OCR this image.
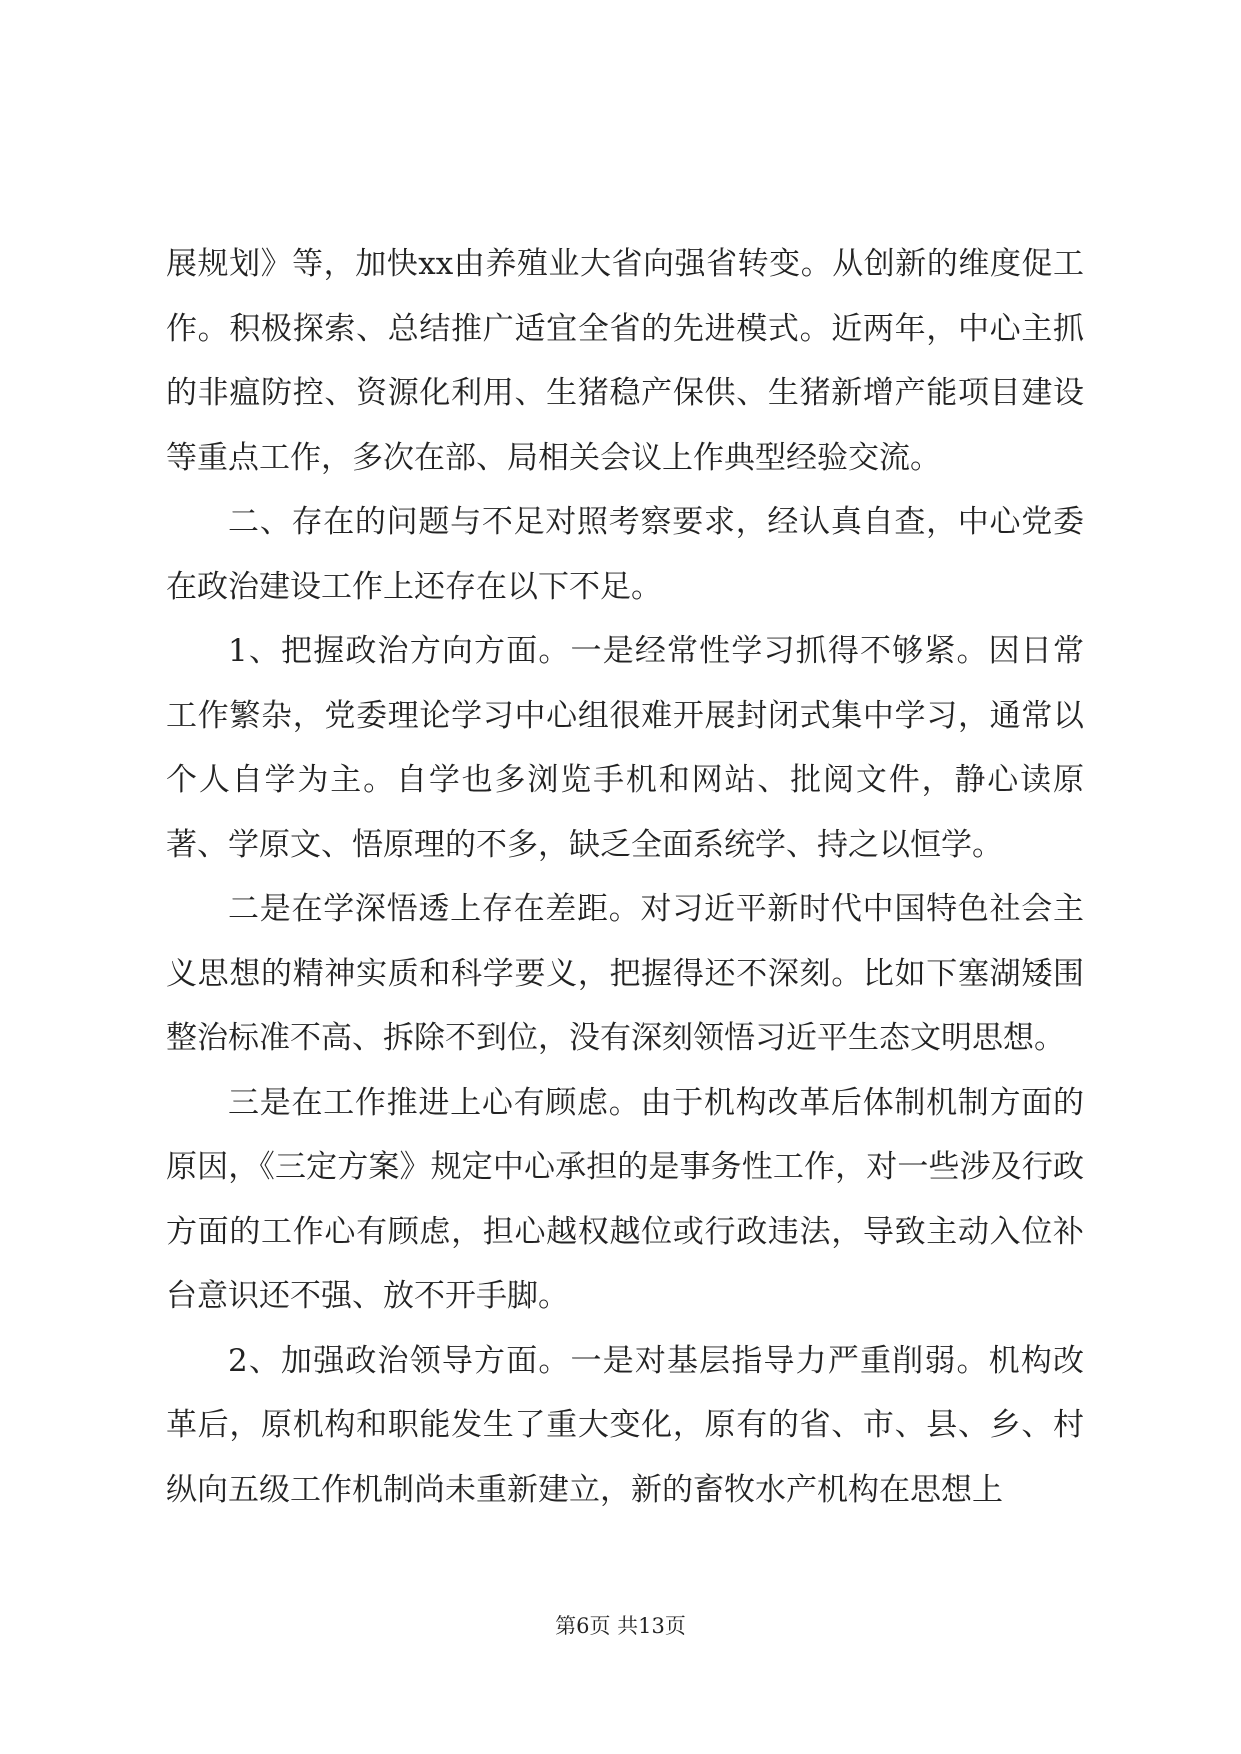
展规划》等，加快xx由养殖业大省向强省转变。从创新的维度促工作。积极探索、总结推广适宜全省的先进模式。近两年，中心主抓的非瘟防控、资源化利用、生猪稳产保供、生猪新增产能项目建设等重点工作，多次在部、局相关会议上作典型经验交流。

二、存在的问题与不足对照考察要求，经认真自查，中心党委在政治建设工作上还存在以下不足。

1、把握政治方向方面。一是经常性学习抓得不够紧。因日常工作繁杂，党委理论学习中心组很难开展封闭式集中学习，通常以个人自学为主。自学也多浏览手机和网站、批阅文件，静心读原著、学原文、悟原理的不多，缺乏全面系统学、持之以恒学。

二是在学深悟透上存在差距。对习近平新时代中国特色社会主义思想的精神实质和科学要义，把握得还不深刻。比如下塞湖矮围整治标准不高、拆除不到位，没有深刻领悟习近平生态文明思想。

三是在工作推进上心有顾虑。由于机构改革后体制机制方面的原因，《三定方案》规定中心承担的是事务性工作，对一些涉及行政方面的工作心有顾虑，担心越权越位或行政违法，导致主动入位补台意识还不强、放不开手脚。

2、加强政治领导方面。一是对基层指导力严重削弱。机构改革后，原机构和职能发生了重大变化，原有的省、市、县、乡、村纵向五级工作机制尚未重新建立，新的畜牧水产机构在思想上

第6页 共13页
